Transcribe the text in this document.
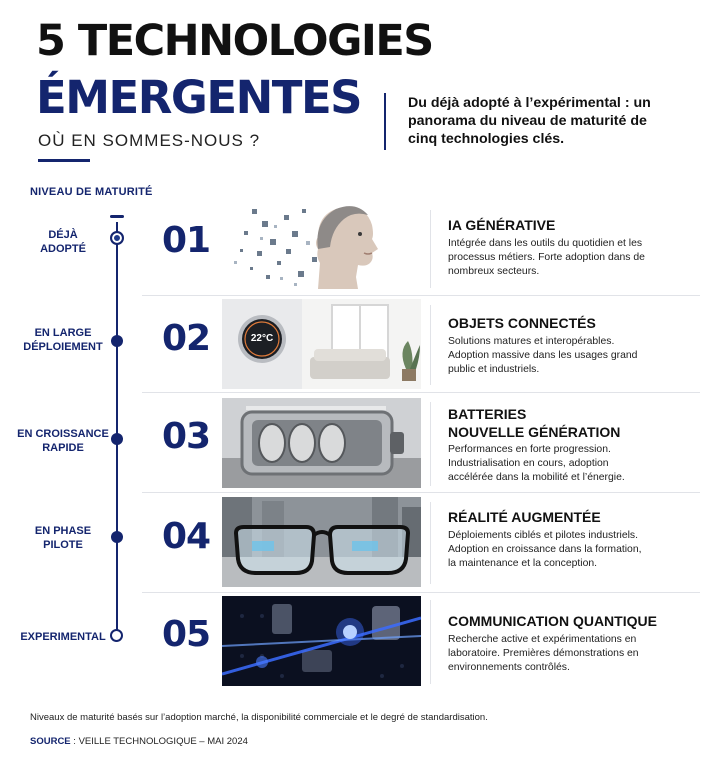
5 TECHNOLOGIES
ÉMERGENTES
OÙ EN SOMMES-NOUS ?
Du déjà adopté à l’expérimental : un panorama du niveau de maturité de cinq technologies clés.
NIVEAU DE MATURITÉ
DÉJÀ
ADOPTÉ
EN LARGE
DÉPLOIEMENT
EN CROISSANCE
RAPIDE
EN PHASE
PILOTE
EXPERIMENTAL
01	IA GÉNÉRATIVE
Intégrée dans les outils du quotidien et les processus métiers. Forte adoption dans de nombreux secteurs.
02	22°C
OBJETS CONNECTÉS
Solutions matures et interopérables. Adoption massive dans les usages grand public et industriels.
03
BATTERIES
NOUVELLE GÉNÉRATION
Performances en forte progression. Industrialisation en cours, adoption accélérée dans la mobilité et l’énergie.
04	RÉALITÉ AUGMENTÉE
Déploiements ciblés et pilotes industriels. Adoption en croissance dans la formation, la maintenance et la conception.
05	COMMUNICATION QUANTIQUE
Recherche active et expérimentations en laboratoire. Premières démonstrations en environnements contrôlés.
Niveaux de maturité basés sur l’adoption marché, la disponibilité commerciale et le degré de standardisation.
SOURCE : VEILLE TECHNOLOGIQUE – MAI 2024
